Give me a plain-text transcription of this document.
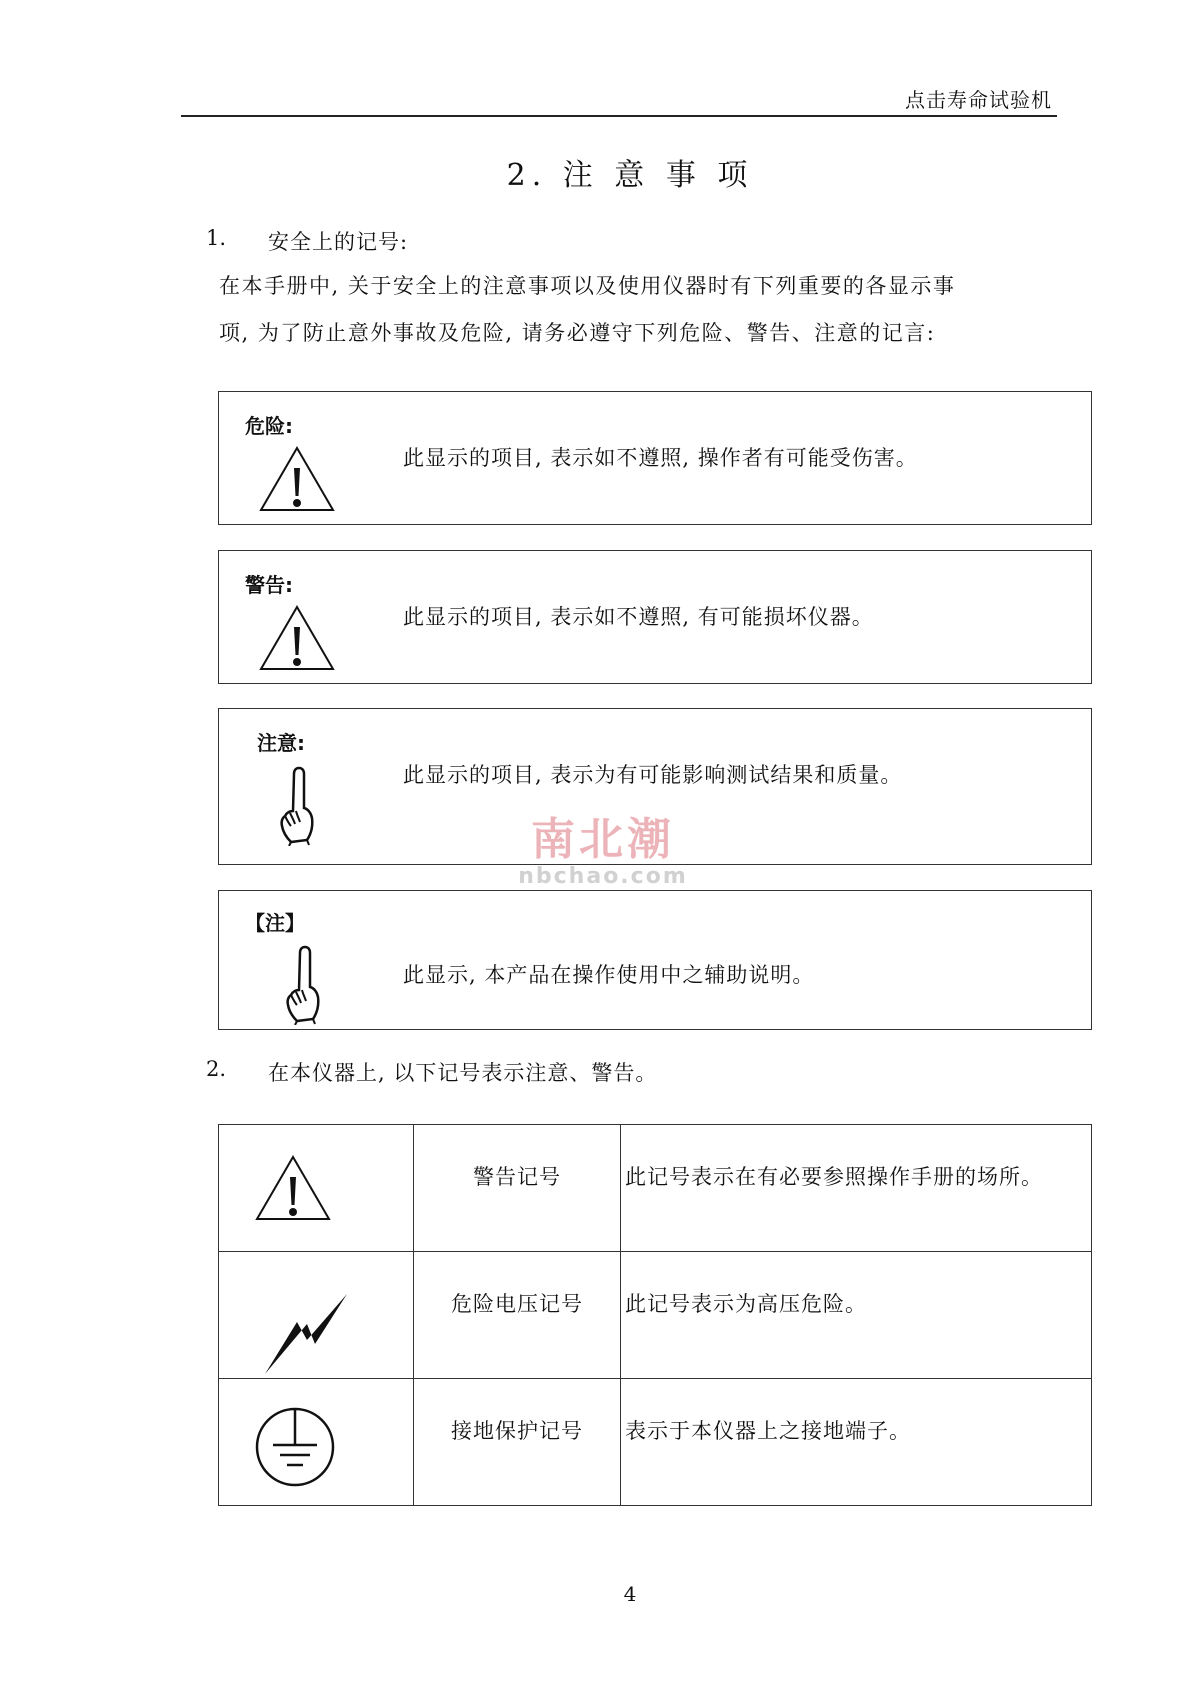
点击寿命试验机
2. 注 意 事 项
1. 安全上的记号:
在本手册中, 关于安全上的注意事项以及使用仪器时有下列重要的各显示事
项, 为了防止意外事故及危险, 请务必遵守下列危险、警告、注意的记言:
危险:
此显示的项目, 表示如不遵照, 操作者有可能受伤害。
警告:
此显示的项目, 表示如不遵照, 有可能损坏仪器。
注意:
此显示的项目, 表示为有可能影响测试结果和质量。
【注】
此显示, 本产品在操作使用中之辅助说明。
南北潮
nbchao.com
2. 在本仪器上, 以下记号表示注意、警告。

警告记号	此记号表示在有必要参照操作手册的场所。

危险电压记号	此记号表示为高压危险。

接地保护记号	表示于本仪器上之接地端子。
4
